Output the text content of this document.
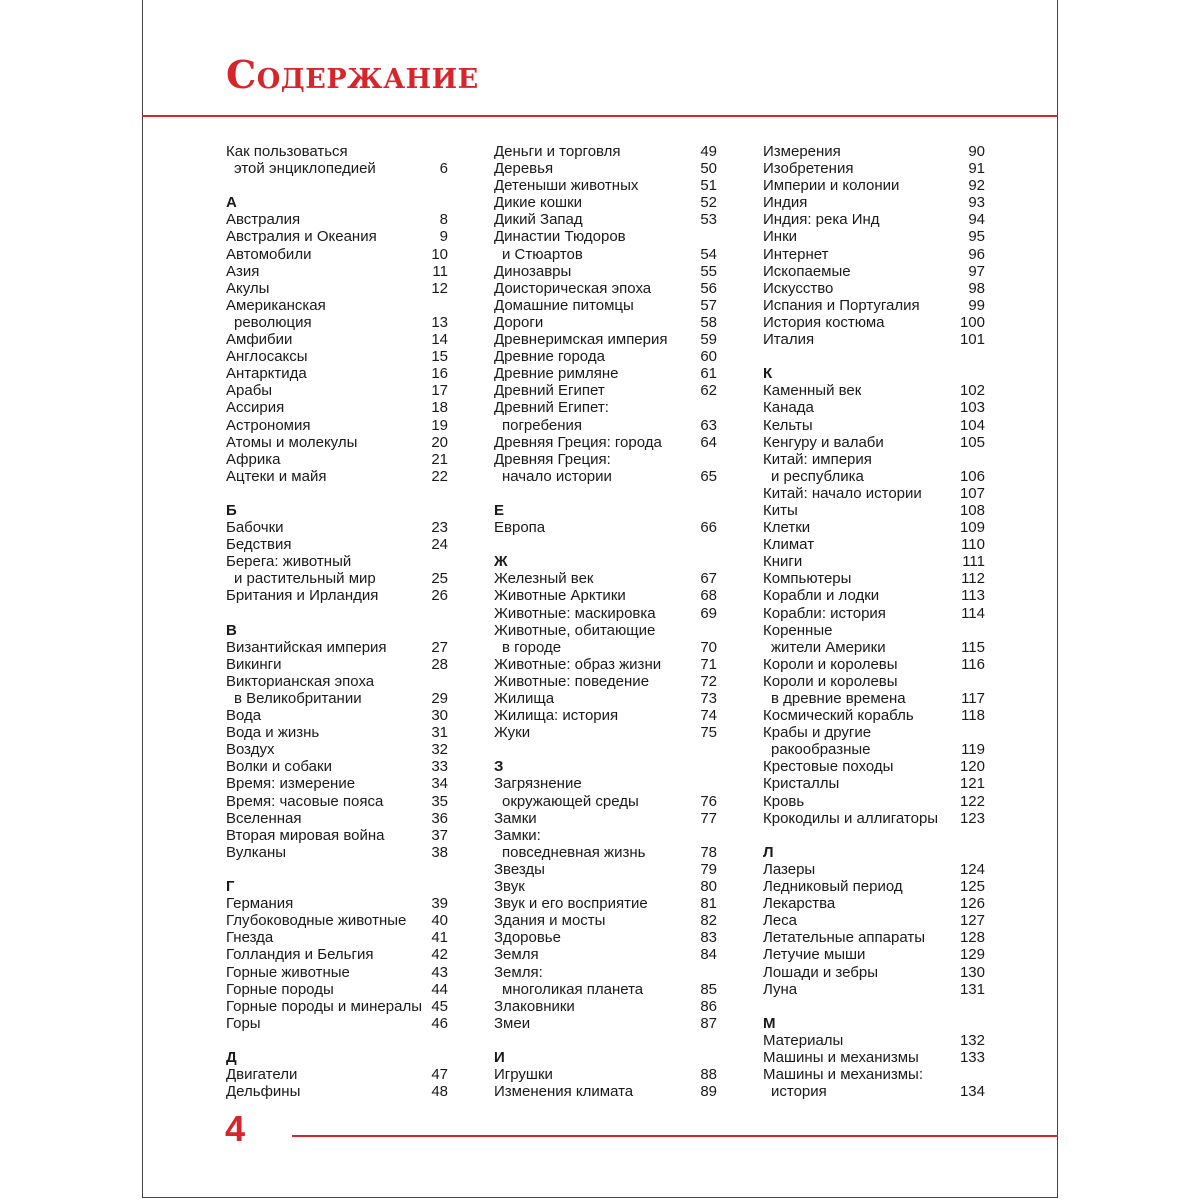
Содержание
Как пользоваться
этой энциклопедией	6
А
Австралия	8
Австралия и Океания	9
Автомобили	10
Азия	11
Акулы	12
Американская
революция	13
Амфибии	14
Англосаксы	15
Антарктида	16
Арабы	17
Ассирия	18
Астрономия	19
Атомы и молекулы	20
Африка	21
Ацтеки и майя	22
Б
Бабочки	23
Бедствия	24
Берега: животный
и растительный мир	25
Британия и Ирландия	26
В
Византийская империя	27
Викинги	28
Викторианская эпоха
в Великобритании	29
Вода	30
Вода и жизнь	31
Воздух	32
Волки и собаки	33
Время: измерение	34
Время: часовые пояса	35
Вселенная	36
Вторая мировая война	37
Вулканы	38
Г
Германия	39
Глубоководные животные	40
Гнезда	41
Голландия и Бельгия	42
Горные животные	43
Горные породы	44
Горные породы и минералы 45
Горы	46
Д
Двигатели	47
Дельфины	48
Деньги и торговля	49
Деревья	50
Детеныши животных	51
Дикие кошки	52
Дикий Запад	53
Династии Тюдоров
и Стюартов	54
Динозавры	55
Доисторическая эпоха	56
Домашние питомцы	57
Дороги	58
Древнеримская империя	59
Древние города	60
Древние римляне	61
Древний Египет	62
Древний Египет:
погребения	63
Древняя Греция: города	64
Древняя Греция:
начало истории	65
Е
Европа	66
Ж
Железный век	67
Животные Арктики	68
Животные: маскировка	69
Животные, обитающие
в городе	70
Животные: образ жизни	71
Животные: поведение	72
Жилища	73
Жилища: история	74
Жуки	75
З
Загрязнение
окружающей среды	76
Замки	77
Замки:
повседневная жизнь	78
Звезды	79
Звук	80
Звук и его восприятие	81
Здания и мосты	82
Здоровье	83
Земля	84
Земля:
многоликая планета	85
Злаковники	86
Змеи	87
И
Игрушки	88
Изменения климата	89
Измерения	90
Изобретения	91
Империи и колонии	92
Индия	93
Индия: река Инд	94
Инки	95
Интернет	96
Ископаемые	97
Искусство	98
Испания и Португалия	99
История костюма	100
Италия	101
К
Каменный век	102
Канада	103
Кельты	104
Кенгуру и валаби	105
Китай: империя
и республика	106
Китай: начало истории	107
Киты	108
Клетки	109
Климат	110
Книги	111
Компьютеры	112
Корабли и лодки	113
Корабли: история	114
Коренные
жители Америки	115
Короли и королевы	116
Короли и королевы
в древние времена	117
Космический корабль	118
Крабы и другие
ракообразные	119
Крестовые походы	120
Кристаллы	121
Кровь	122
Крокодилы и аллигаторы	123
Л
Лазеры	124
Ледниковый период	125
Лекарства	126
Леса	127
Летательные аппараты	128
Летучие мыши	129
Лошади и зебры	130
Луна	131
М
Материалы	132
Машины и механизмы	133
Машины и механизмы:
история	134
4
